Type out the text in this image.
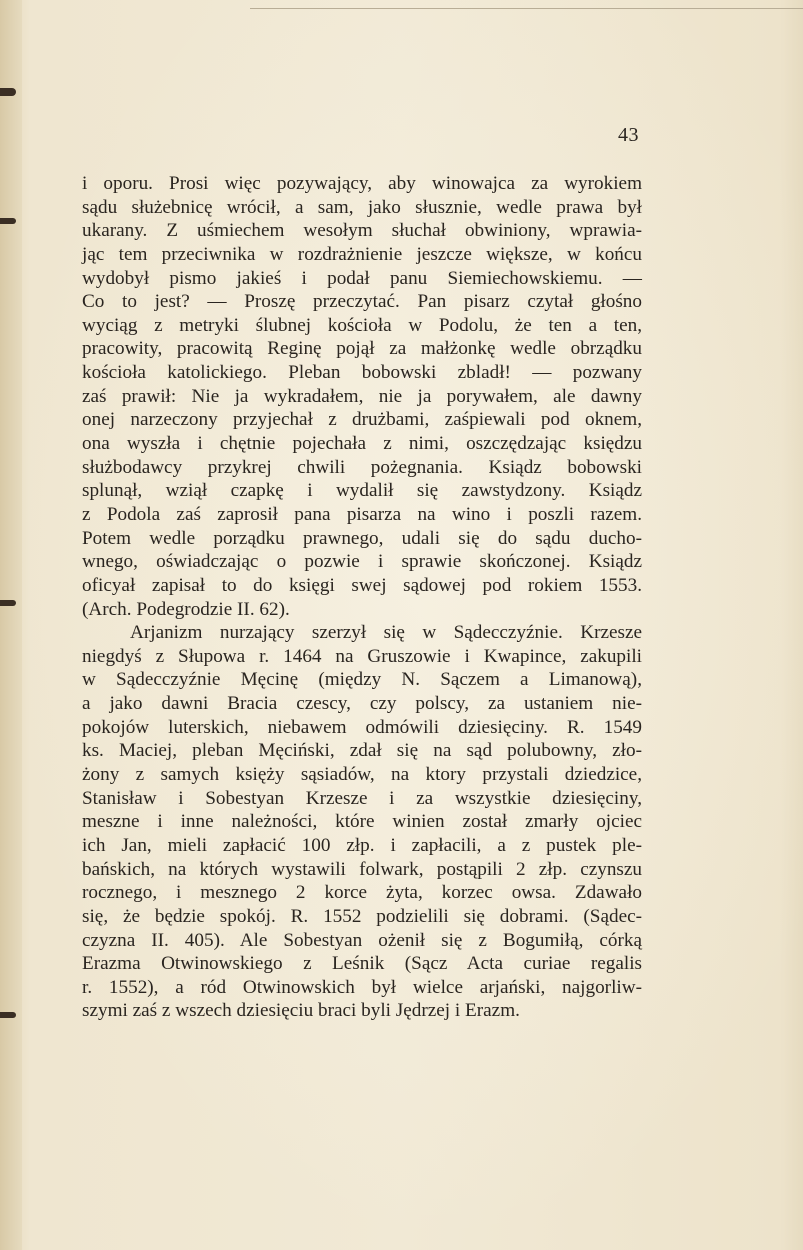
43
i oporu. Prosi więc pozywający, aby winowajca za wyrokiem
sądu służebnicę wrócił, a sam, jako słusznie, wedle prawa był
ukarany. Z uśmiechem wesołym słuchał obwiniony, wprawia-
jąc tem przeciwnika w rozdrażnienie jeszcze większe, w końcu
wydobył pismo jakieś i podał panu Siemiechowskiemu. —
Co to jest? — Proszę przeczytać. Pan pisarz czytał głośno
wyciąg z metryki ślubnej kościoła w Podolu, że ten a ten,
pracowity, pracowitą Reginę pojął za małżonkę wedle obrządku
kościoła katolickiego. Pleban bobowski zbladł! — pozwany
zaś prawił: Nie ja wykradałem, nie ja porywałem, ale dawny
onej narzeczony przyjechał z drużbami, zaśpiewali pod oknem,
ona wyszła i chętnie pojechała z nimi, oszczędzając księdzu
służbodawcy przykrej chwili pożegnania. Ksiądz bobowski
splunął, wziął czapkę i wydalił się zawstydzony. Ksiądz
z Podola zaś zaprosił pana pisarza na wino i poszli razem.
Potem wedle porządku prawnego, udali się do sądu ducho-
wnego, oświadczając o pozwie i sprawie skończonej. Ksiądz
oficyał zapisał to do księgi swej sądowej pod rokiem 1553.
(Arch. Podegrodzie II. 62).
Arjanizm nurzający szerzył się w Sądecczyźnie. Krzesze
niegdyś z Słupowa r. 1464 na Gruszowie i Kwapince, zakupili
w Sądecczyźnie Męcinę (między N. Sączem a Limanową),
a jako dawni Bracia czescy, czy polscy, za ustaniem nie-
pokojów luterskich, niebawem odmówili dziesięciny. R. 1549
ks. Maciej, pleban Męciński, zdał się na sąd polubowny, zło-
żony z samych księży sąsiadów, na ktory przystali dziedzice,
Stanisław i Sobestyan Krzesze i za wszystkie dziesięciny,
meszne i inne należności, które winien został zmarły ojciec
ich Jan, mieli zapłacić 100 złp. i zapłacili, a z pustek ple-
bańskich, na których wystawili folwark, postąpili 2 złp. czynszu
rocznego, i mesznego 2 korce żyta, korzec owsa. Zdawało
się, że będzie spokój. R. 1552 podzielili się dobrami. (Sądec-
czyzna II. 405). Ale Sobestyan ożenił się z Bogumiłą, córką
Erazma Otwinowskiego z Leśnik (Sącz Acta curiae regalis
r. 1552), a ród Otwinowskich był wielce arjański, najgorliw-
szymi zaś z wszech dziesięciu braci byli Jędrzej i Erazm.
